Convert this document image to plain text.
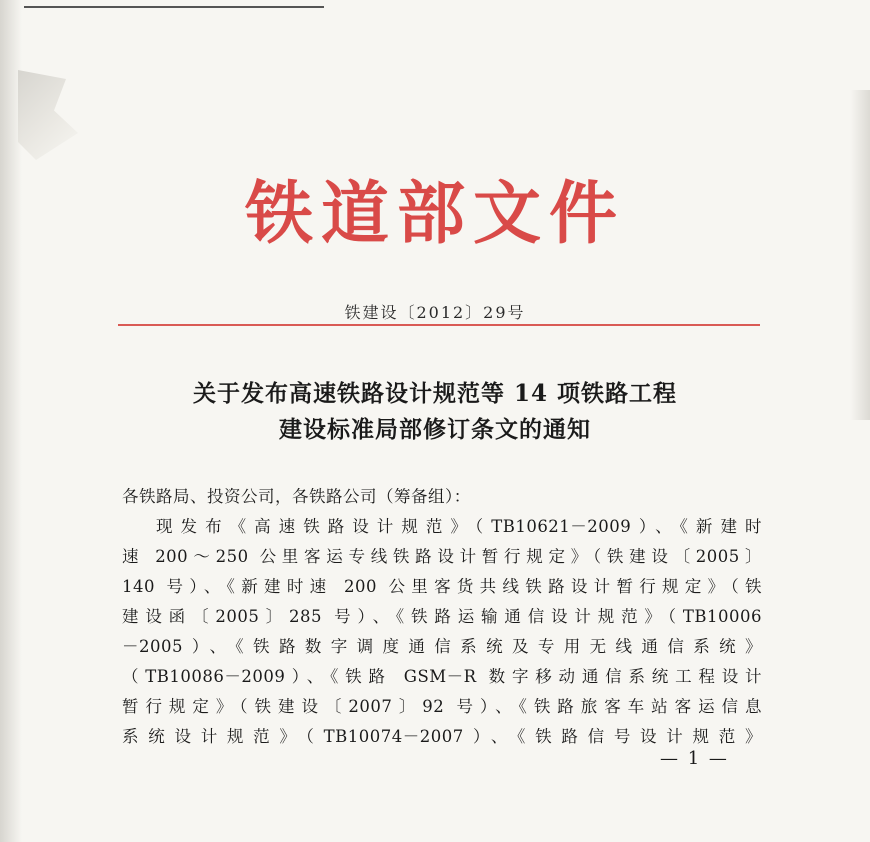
铁道部文件
铁建设〔2012〕29号
关于发布高速铁路设计规范等 14 项铁路工程
建设标准局部修订条文的通知
各铁路局、投资公司，各铁路公司（筹备组）：
现发布《高速铁路设计规范》（TB10621－2009）、《新建时
速 200～250 公里客运专线铁路设计暂行规定》（铁建设〔2005〕
140 号）、《新建时速 200 公里客货共线铁路设计暂行规定》（铁
建设函〔2005〕285 号）、《铁路运输通信设计规范》（TB10006
－2005）、《铁路数字调度通信系统及专用无线通信系统》
（TB10086－2009）、《铁路 GSM－R 数字移动通信系统工程设计
暂行规定》（铁建设〔2007〕92 号）、《铁路旅客车站客运信息
系统设计规范》（TB10074－2007）、《铁路信号设计规范》
— 1 —
